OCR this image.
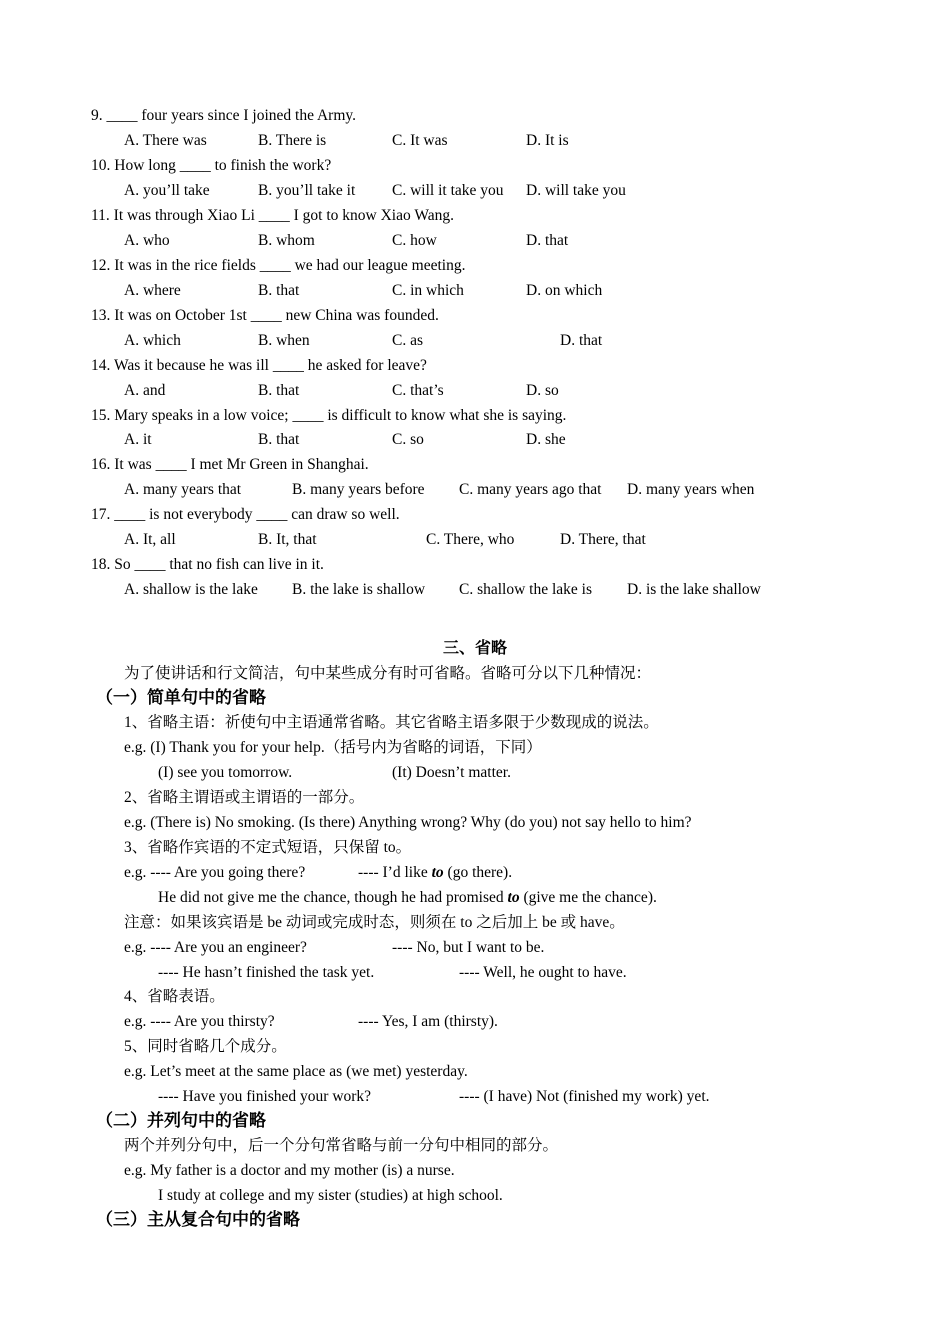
9. ____ four years since I joined the Army.
A. There was	B. There is	C. It was	D. It is
10. How long ____ to finish the work?
A. you’ll take	B. you’ll take it C. will it take you D. will take you
11. It was through Xiao Li ____ I got to know Xiao Wang.
A. who	B. whom	C. how	D. that
12. It was in the rice fields ____ we had our league meeting.
A. where	B. that	C. in which	D. on which
13. It was on October 1st ____ new China was founded.
A. which	B. when	C. as	D. that
14. Was it because he was ill ____ he asked for leave?
A. and	B. that	C. that’s	D. so
15. Mary speaks in a low voice; ____ is difficult to know what she is saying.
A. it	B. that	C. so	D. she
16. It was ____ I met Mr Green in Shanghai.
A. many years that	B. many years before C. many years ago that D. many years when
17. ____ is not everybody ____ can draw so well.
A. It, all	B. It, that	C. There, who	D. There, that
18. So ____ that no fish can live in it.
A. shallow is the lake B. the lake is shallow C. shallow the lake is D. is the lake shallow
三、省略
为了使讲话和行文简洁，句中某些成分有时可省略。省略可分以下几种情况：
（一）简单句中的省略
1、省略主语：祈使句中主语通常省略。其它省略主语多限于少数现成的说法。
e.g. (I) Thank you for your help.（括号内为省略的词语，下同）
(I) see you tomorrow.	(It) Doesn’t matter.
2、省略主谓语或主谓语的一部分。
e.g. (There is) No smoking. (Is there) Anything wrong? Why (do you) not say hello to him?
3、省略作宾语的不定式短语，只保留 to。
e.g. ---- Are you going there?	---- I’d like to (go there).
He did not give me the chance, though he had promised to (give me the chance).
注意：如果该宾语是 be 动词或完成时态，则须在 to 之后加上 be 或 have。
e.g. ---- Are you an engineer?	---- No, but I want to be.
---- He hasn’t finished the task yet.	---- Well, he ought to have.
4、省略表语。
e.g. ---- Are you thirsty?	---- Yes, I am (thirsty).
5、同时省略几个成分。
e.g. Let’s meet at the same place as (we met) yesterday.
---- Have you finished your work?	---- (I have) Not (finished my work) yet.
（二）并列句中的省略
两个并列分句中，后一个分句常省略与前一分句中相同的部分。
e.g. My father is a doctor and my mother (is) a nurse.
I study at college and my sister (studies) at high school.
（三）主从复合句中的省略
